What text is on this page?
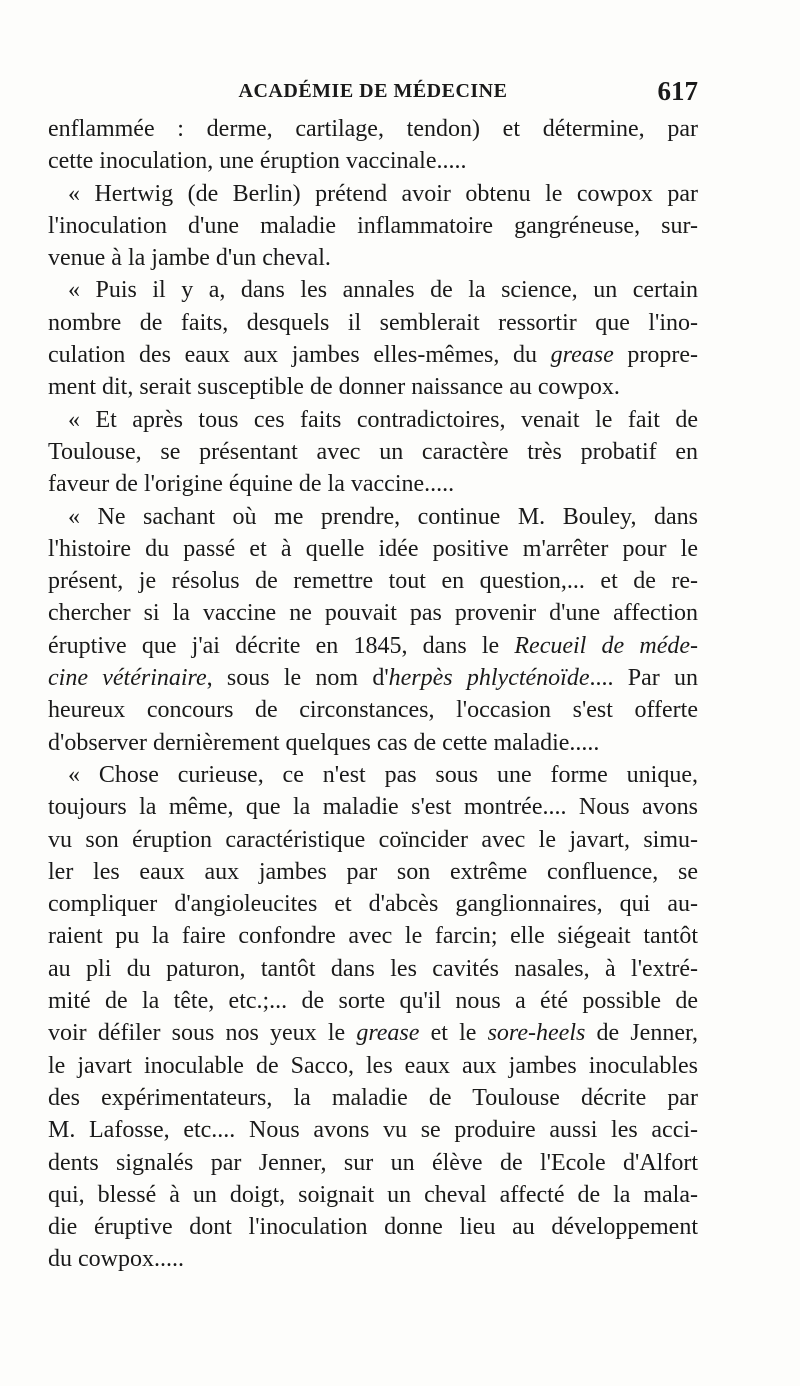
ACADÉMIE DE MÉDECINE	617
enflammée : derme, cartilage, tendon) et détermine, par
cette inoculation, une éruption vaccinale.....
« Hertwig (de Berlin) prétend avoir obtenu le cowpox par
l'inoculation d'une maladie inflammatoire gangréneuse, sur-
venue à la jambe d'un cheval.
« Puis il y a, dans les annales de la science, un certain
nombre de faits, desquels il semblerait ressortir que l'ino-
culation des eaux aux jambes elles-mêmes, du grease propre-
ment dit, serait susceptible de donner naissance au cowpox.
« Et après tous ces faits contradictoires, venait le fait de
Toulouse, se présentant avec un caractère très probatif en
faveur de l'origine équine de la vaccine.....
« Ne sachant où me prendre, continue M. Bouley, dans
l'histoire du passé et à quelle idée positive m'arrêter pour le
présent, je résolus de remettre tout en question,... et de re-
chercher si la vaccine ne pouvait pas provenir d'une affection
éruptive que j'ai décrite en 1845, dans le Recueil de méde-
cine vétérinaire, sous le nom d'herpès phlycténoïde.... Par un
heureux concours de circonstances, l'occasion s'est offerte
d'observer dernièrement quelques cas de cette maladie.....
« Chose curieuse, ce n'est pas sous une forme unique,
toujours la même, que la maladie s'est montrée.... Nous avons
vu son éruption caractéristique coïncider avec le javart, simu-
ler les eaux aux jambes par son extrême confluence, se
compliquer d'angioleucites et d'abcès ganglionnaires, qui au-
raient pu la faire confondre avec le farcin; elle siégeait tantôt
au pli du paturon, tantôt dans les cavités nasales, à l'extré-
mité de la tête, etc.;... de sorte qu'il nous a été possible de
voir défiler sous nos yeux le grease et le sore-heels de Jenner,
le javart inoculable de Sacco, les eaux aux jambes inoculables
des expérimentateurs, la maladie de Toulouse décrite par
M. Lafosse, etc.... Nous avons vu se produire aussi les acci-
dents signalés par Jenner, sur un élève de l'Ecole d'Alfort
qui, blessé à un doigt, soignait un cheval affecté de la mala-
die éruptive dont l'inoculation donne lieu au développement
du cowpox.....
